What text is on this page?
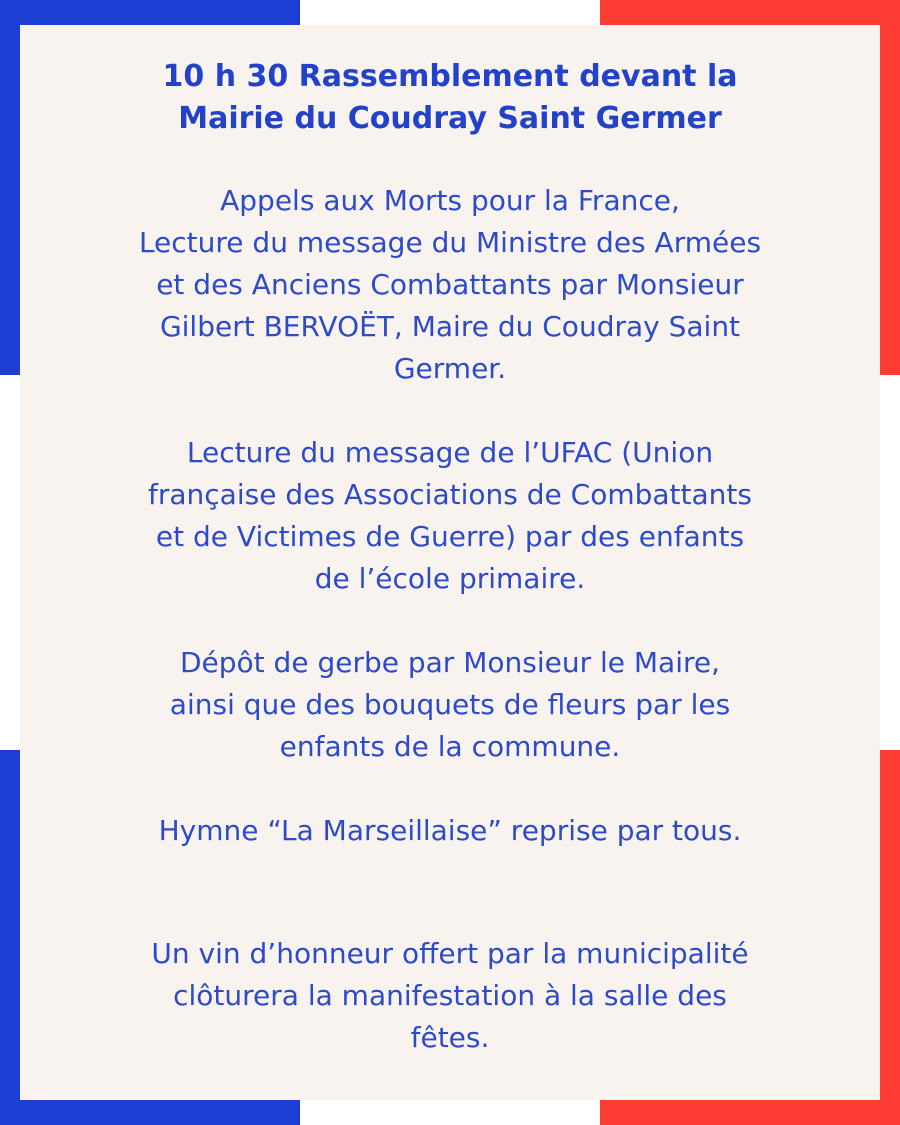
10 h 30 Rassemblement devant la
Mairie du Coudray Saint Germer

Appels aux Morts pour la France,
Lecture du message du Ministre des Armées
et des Anciens Combattants par Monsieur
Gilbert BERVOËT, Maire du Coudray Saint
Germer.

Lecture du message de l’UFAC (Union
française des Associations de Combattants
et de Victimes de Guerre) par des enfants
de l’école primaire.

Dépôt de gerbe par Monsieur le Maire,
ainsi que des bouquets de fleurs par les
enfants de la commune.

Hymne “La Marseillaise” reprise par tous.

Un vin d’honneur offert par la municipalité
clôturera la manifestation à la salle des
fêtes.
